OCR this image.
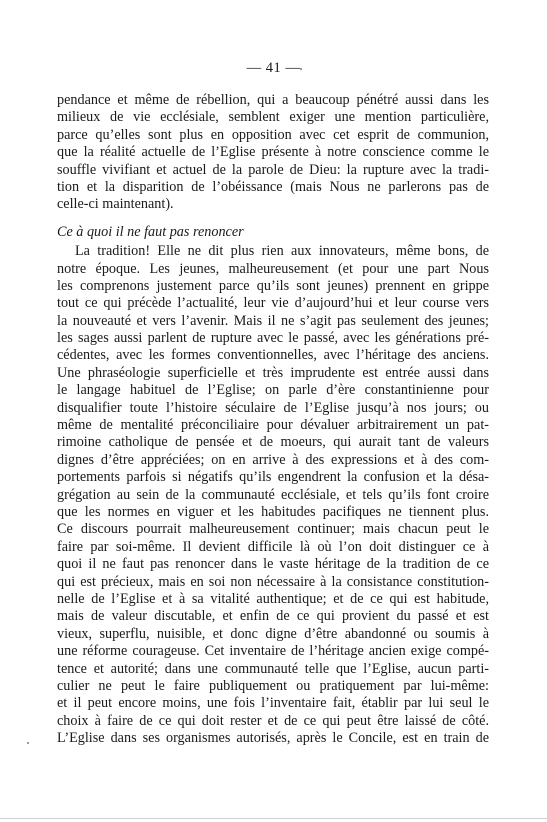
— 41 —
pendance et même de rébellion, qui a beaucoup pénétré aussi dans les
milieux de vie ecclésiale, semblent exiger une mention particulière,
parce qu’elles sont plus en opposition avec cet esprit de communion,
que la réalité actuelle de l’Eglise présente à notre conscience comme le
souffle vivifiant et actuel de la parole de Dieu: la rupture avec la tradi-
tion et la disparition de l’obéissance (mais Nous ne parlerons pas de
celle-ci maintenant).
Ce à quoi il ne faut pas renoncer
La tradition! Elle ne dit plus rien aux innovateurs, même bons, de
notre époque. Les jeunes, malheureusement (et pour une part Nous
les comprenons justement parce qu’ils sont jeunes) prennent en grippe
tout ce qui précède l’actualité, leur vie d’aujourd’hui et leur course vers
la nouveauté et vers l’avenir. Mais il ne s’agit pas seulement des jeunes;
les sages aussi parlent de rupture avec le passé, avec les générations pré-
cédentes, avec les formes conventionnelles, avec l’héritage des anciens.
Une phraséologie superficielle et très imprudente est entrée aussi dans
le langage habituel de l’Eglise; on parle d’ère constantinienne pour
disqualifier toute l’histoire séculaire de l’Eglise jusqu’à nos jours; ou
même de mentalité préconciliaire pour dévaluer arbitrairement un pat-
rimoine catholique de pensée et de moeurs, qui aurait tant de valeurs
dignes d’être appréciées; on en arrive à des expressions et à des com-
portements parfois si négatifs qu’ils engendrent la confusion et la désa-
grégation au sein de la communauté ecclésiale, et tels qu’ils font croire
que les normes en viguer et les habitudes pacifiques ne tiennent plus.
Ce discours pourrait malheureusement continuer; mais chacun peut le
faire par soi-même. Il devient difficile là où l’on doit distinguer ce à
quoi il ne faut pas renoncer dans le vaste héritage de la tradition de ce
qui est précieux, mais en soi non nécessaire à la consistance constitution-
nelle de l’Eglise et à sa vitalité authentique; et de ce qui est habitude,
mais de valeur discutable, et enfin de ce qui provient du passé et est
vieux, superflu, nuisible, et donc digne d’être abandonné ou soumis à
une réforme courageuse. Cet inventaire de l’héritage ancien exige compé-
tence et autorité; dans une communauté telle que l’Eglise, aucun parti-
culier ne peut le faire publiquement ou pratiquement par lui-même:
et il peut encore moins, une fois l’inventaire fait, établir par lui seul le
choix à faire de ce qui doit rester et de ce qui peut être laissé de côté.
L’Eglise dans ses organismes autorisés, après le Concile, est en train de
